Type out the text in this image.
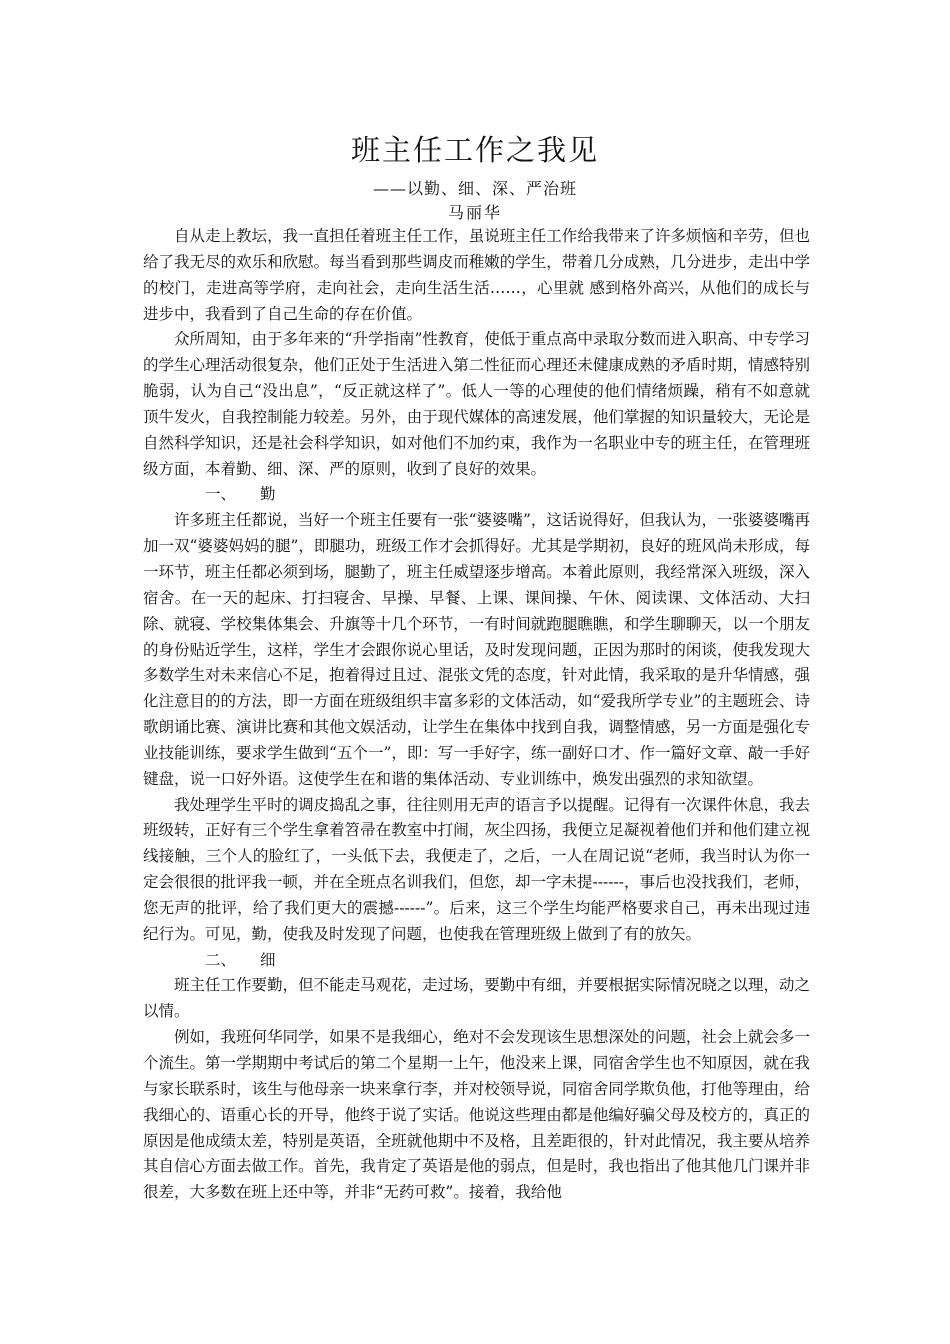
班主任工作之我见
——以勤、细、深、严治班
马丽华

自从走上教坛，我一直担任着班主任工作，虽说班主任工作给我带来了许多烦恼和辛劳，但也给了我无尽的欢乐和欣慰。每当看到那些调皮而稚嫩的学生，带着几分成熟，几分进步，走出中学的校门，走进高等学府，走向社会，走向生活生活……，心里就 感到格外高兴，从他们的成长与进步中，我看到了自己生命的存在价值。

众所周知，由于多年来的“升学指南”性教育，使低于重点高中录取分数而进入职高、中专学习的学生心理活动很复杂，他们正处于生活进入第二性征而心理还未健康成熟的矛盾时期，情感特别脆弱，认为自己“没出息”，“反正就这样了”。低人一等的心理使的他们情绪烦躁，稍有不如意就顶牛发火，自我控制能力较差。另外，由于现代媒体的高速发展，他们掌握的知识量较大，无论是自然科学知识，还是社会科学知识，如对他们不加约束，我作为一名职业中专的班主任，在管理班级方面，本着勤、细、深、严的原则，收到了良好的效果。

一、 勤

许多班主任都说，当好一个班主任要有一张“婆婆嘴”，这话说得好，但我认为，一张婆婆嘴再加一双“婆婆妈妈的腿”，即腿功，班级工作才会抓得好。尤其是学期初，良好的班风尚未形成，每一环节，班主任都必须到场，腿勤了，班主任威望逐步增高。本着此原则，我经常深入班级，深入宿舍。在一天的起床、打扫寝舍、早操、早餐、上课、课间操、午休、阅读课、文体活动、大扫除、就寝、学校集体集会、升旗等十几个环节，一有时间就跑腿瞧瞧，和学生聊聊天，以一个朋友的身份贴近学生，这样，学生才会跟你说心里话，及时发现问题，正因为那时的闲谈，使我发现大多数学生对未来信心不足，抱着得过且过、混张文凭的态度，针对此情，我采取的是升华情感，强化注意目的的方法，即一方面在班级组织丰富多彩的文体活动，如“爱我所学专业”的主题班会、诗歌朗诵比赛、演讲比赛和其他文娱活动，让学生在集体中找到自我，调整情感，另一方面是强化专业技能训练，要求学生做到“五个一”，即：写一手好字，练一副好口才、作一篇好文章、敲一手好键盘，说一口好外语。这使学生在和谐的集体活动、专业训练中，焕发出强烈的求知欲望。

我处理学生平时的调皮捣乱之事，往往则用无声的语言予以提醒。记得有一次课件休息，我去班级转，正好有三个学生拿着笤帚在教室中打闹，灰尘四扬，我便立足凝视着他们并和他们建立视线接触，三个人的脸红了，一头低下去，我便走了，之后，一人在周记说“老师，我当时认为你一定会很很的批评我一顿，并在全班点名训我们，但您，却一字未提------，事后也没找我们，老师，您无声的批评，给了我们更大的震撼------”。后来，这三个学生均能严格要求自己，再未出现过违纪行为。可见，勤，使我及时发现了问题，也使我在管理班级上做到了有的放矢。

二、 细

班主任工作要勤，但不能走马观花，走过场，要勤中有细，并要根据实际情况晓之以理，动之以情。

例如，我班何华同学，如果不是我细心，绝对不会发现该生思想深处的问题，社会上就会多一个流生。第一学期期中考试后的第二个星期一上午，他没来上课，同宿舍学生也不知原因，就在我与家长联系时，该生与他母亲一块来拿行李，并对校领导说，同宿舍同学欺负他，打他等理由，给我细心的、语重心长的开导，他终于说了实话。他说这些理由都是他编好骗父母及校方的，真正的原因是他成绩太差，特别是英语，全班就他期中不及格，且差距很的，针对此情况，我主要从培养其自信心方面去做工作。首先，我肯定了英语是他的弱点，但是时，我也指出了他其他几门课并非很差，大多数在班上还中等，并非“无药可救”。接着，我给他
